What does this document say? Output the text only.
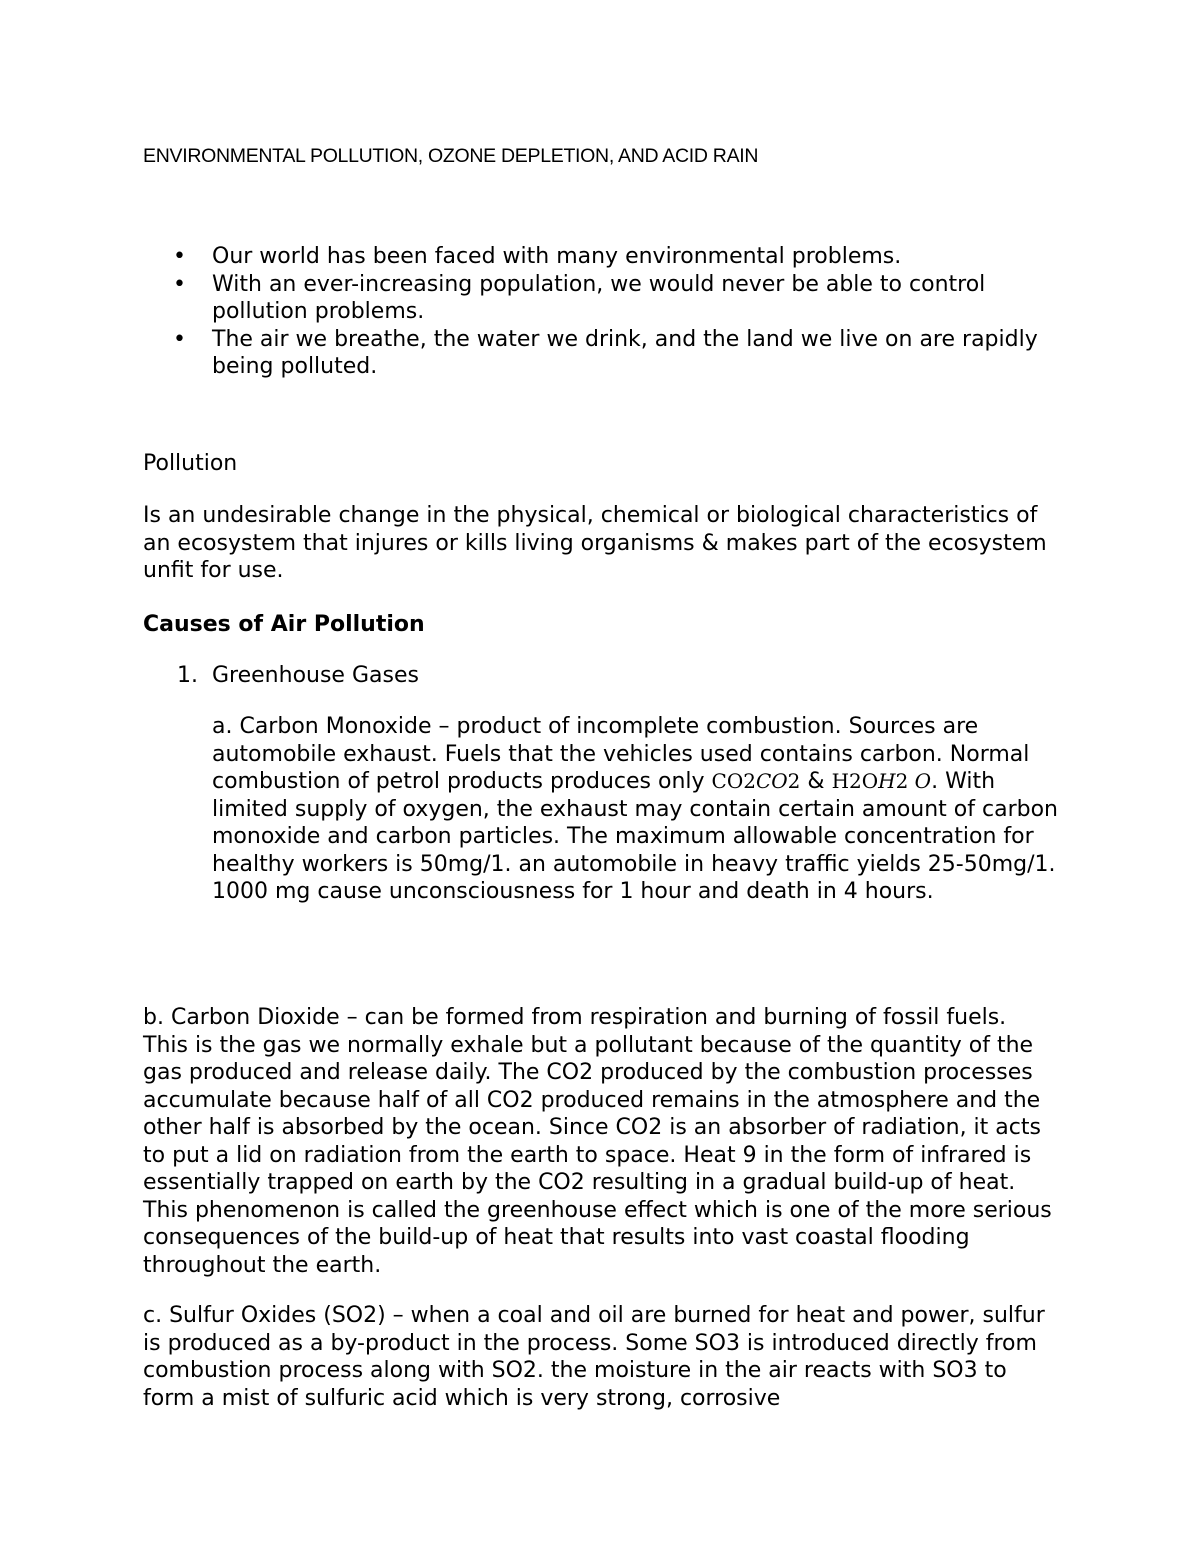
ENVIRONMENTAL POLLUTION, OZONE DEPLETION, AND ACID RAIN
• Our world has been faced with many environmental problems.
• With an ever-increasing population, we would never be able to control pollution problems.
• The air we breathe, the water we drink, and the land we live on are rapidly being polluted.

Pollution

Is an undesirable change in the physical, chemical or biological characteristics of an ecosystem that injures or kills living organisms & makes part of the ecosystem unfit for use.

Causes of Air Pollution

1. Greenhouse Gases

a. Carbon Monoxide – product of incomplete combustion. Sources are automobile exhaust. Fuels that the vehicles used contains carbon. Normal combustion of petrol products produces only CO2CO2 & H2OH2 O. With limited supply of oxygen, the exhaust may contain certain amount of carbon monoxide and carbon particles. The maximum allowable concentration for healthy workers is 50mg/1. an automobile in heavy traffic yields 25-50mg/1. 1000 mg cause unconsciousness for 1 hour and death in 4 hours.

b. Carbon Dioxide – can be formed from respiration and burning of fossil fuels. This is the gas we normally exhale but a pollutant because of the quantity of the gas produced and release daily. The CO2 produced by the combustion processes accumulate because half of all CO2 produced remains in the atmosphere and the other half is absorbed by the ocean. Since CO2 is an absorber of radiation, it acts to put a lid on radiation from the earth to space. Heat 9 in the form of infrared is essentially trapped on earth by the CO2 resulting in a gradual build-up of heat. This phenomenon is called the greenhouse effect which is one of the more serious consequences of the build-up of heat that results into vast coastal flooding throughout the earth.

c. Sulfur Oxides (SO2) – when a coal and oil are burned for heat and power, sulfur is produced as a by-product in the process. Some SO3 is introduced directly from combustion process along with SO2. the moisture in the air reacts with SO3 to form a mist of sulfuric acid which is very strong, corrosive
